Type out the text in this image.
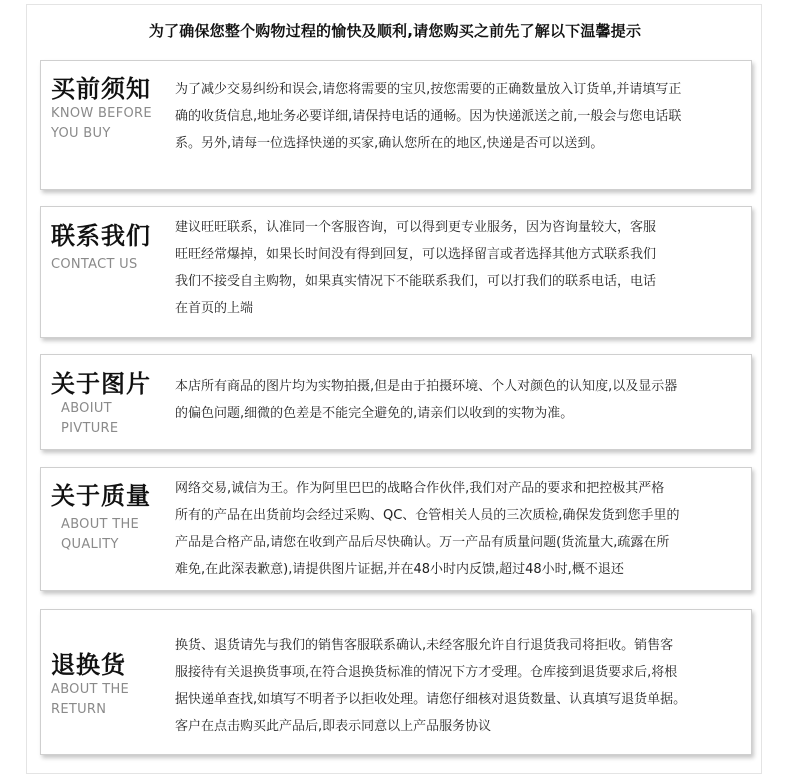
为了确保您整个购物过程的愉快及顺利,请您购买之前先了解以下温馨提示
买前须知
KNOW BEFORE
YOU BUY

为了减少交易纠纷和误会,请您将需要的宝贝,按您需要的正确数量放入订货单,并请填写正

确的收货信息,地址务必要详细,请保持电话的通畅。因为快递派送之前,一般会与您电话联

系。另外,请每一位选择快递的买家,确认您所在的地区,快递是否可以送到。

联系我们
CONTACT US

建议旺旺联系，认准同一个客服咨询，可以得到更专业服务，因为咨询量较大，客服

旺旺经常爆掉，如果长时间没有得到回复，可以选择留言或者选择其他方式联系我们

我们不接受自主购物，如果真实情况下不能联系我们，可以打我们的联系电话，电话

在首页的上端

关于图片
ABOIUT
PIVTURE

本店所有商品的图片均为实物拍摄,但是由于拍摄环境、个人对颜色的认知度,以及显示器

的偏色问题,细微的色差是不能完全避免的,请亲们以收到的实物为准。

关于质量
ABOUT THE
QUALITY

网络交易,诚信为王。作为阿里巴巴的战略合作伙伴,我们对产品的要求和把控极其严格

所有的产品在出货前均会经过采购、QC、仓管相关人员的三次质检,确保发货到您手里的

产品是合格产品,请您在收到产品后尽快确认。万一产品有质量问题(货流量大,疏露在所

难免,在此深表歉意),请提供图片证据,并在48小时内反馈,超过48小时,概不退还

退换货
ABOUT THE
RETURN

换货、退货请先与我们的销售客服联系确认,未经客服允许自行退货我司将拒收。销售客

服接待有关退换货事项,在符合退换货标准的情况下方才受理。仓库接到退货要求后,将根

据快递单查找,如填写不明者予以拒收处理。请您仔细核对退货数量、认真填写退货单据。

客户在点击购买此产品后,即表示同意以上产品服务协议
